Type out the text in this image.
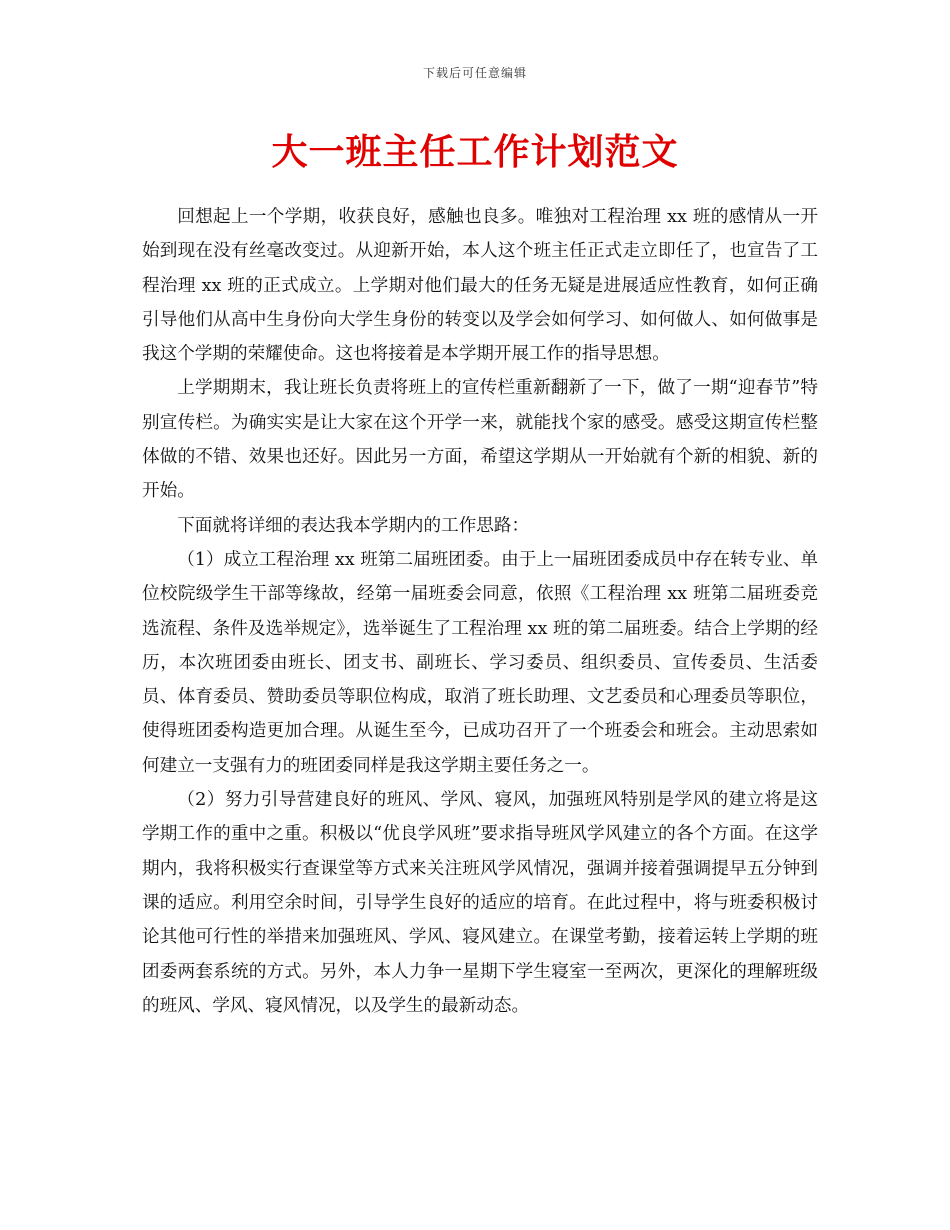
下载后可任意编辑
大一班主任工作计划范文

回想起上一个学期，收获良好，感触也良多。唯独对工程治理 xx 班的感情从一开始到现在没有丝毫改变过。从迎新开始，本人这个班主任正式走立即任了，也宣告了工程治理 xx 班的正式成立。上学期对他们最大的任务无疑是进展适应性教育，如何正确引导他们从高中生身份向大学生身份的转变以及学会如何学习、如何做人、如何做事是我这个学期的荣耀使命。这也将接着是本学期开展工作的指导思想。

上学期期末，我让班长负责将班上的宣传栏重新翻新了一下，做了一期“迎春节”特别宣传栏。为确实实是让大家在这个开学一来，就能找个家的感受。感受这期宣传栏整体做的不错、效果也还好。因此另一方面，希望这学期从一开始就有个新的相貌、新的开始。

下面就将详细的表达我本学期内的工作思路：

（1）成立工程治理 xx 班第二届班团委。由于上一届班团委成员中存在转专业、单位校院级学生干部等缘故，经第一届班委会同意，依照《工程治理 xx 班第二届班委竞选流程、条件及选举规定》，选举诞生了工程治理 xx 班的第二届班委。结合上学期的经历，本次班团委由班长、团支书、副班长、学习委员、组织委员、宣传委员、生活委员、体育委员、赞助委员等职位构成，取消了班长助理、文艺委员和心理委员等职位，使得班团委构造更加合理。从诞生至今，已成功召开了一个班委会和班会。主动思索如何建立一支强有力的班团委同样是我这学期主要任务之一。

（2）努力引导营建良好的班风、学风、寝风，加强班风特别是学风的建立将是这学期工作的重中之重。积极以“优良学风班”要求指导班风学风建立的各个方面。在这学期内，我将积极实行查课堂等方式来关注班风学风情况，强调并接着强调提早五分钟到课的适应。利用空余时间，引导学生良好的适应的培育。在此过程中，将与班委积极讨论其他可行性的举措来加强班风、学风、寝风建立。在课堂考勤，接着运转上学期的班团委两套系统的方式。另外，本人力争一星期下学生寝室一至两次，更深化的理解班级的班风、学风、寝风情况，以及学生的最新动态。
